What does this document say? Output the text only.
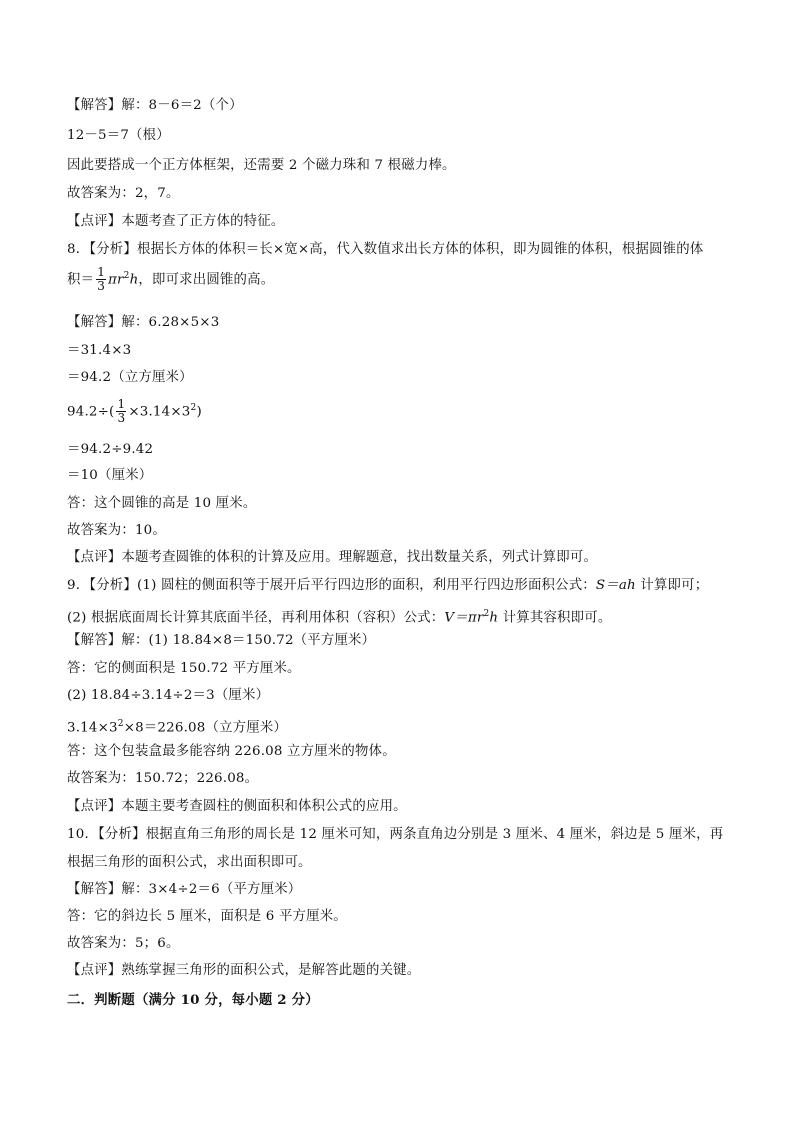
【解答】解：8－6＝2（个）
12－5＝7（根）
因此要搭成一个正方体框架，还需要 2 个磁力珠和 7 根磁力棒。
故答案为：2，7。
【点评】本题考查了正方体的特征。
8．【分析】根据长方体的体积＝长×宽×高，代入数值求出长方体的体积，即为圆锥的体积，根据圆锥的体
积＝ $\frac{1}{3} \pi r^2h$，即可求出圆锥的高。
【解答】解：6.28×5×3
＝31.4×3
＝94.2（立方厘米）
$94.2\div( \frac{1}{3} \times 3.14\times 3^2)$
＝94.2÷9.42
＝10（厘米）
答：这个圆锥的高是 10 厘米。
故答案为：10。
【点评】本题考查圆锥的体积的计算及应用。理解题意，找出数量关系，列式计算即可。
9．【分析】(1) 圆柱的侧面积等于展开后平行四边形的面积，利用平行四边形面积公式：S＝ah 计算即可；
(2) 根据底面周长计算其底面半径，再利用体积（容积）公式：$V=\pi r^2h$ 计算其容积即可。
【解答】解：(1) 18.84×8＝150.72（平方厘米）
答：它的侧面积是 150.72 平方厘米。
(2) 18.84÷3.14÷2＝3（厘米）
$3.14\times 3^2\times 8=226.08$（立方厘米）
答：这个包装盒最多能容纳 226.08 立方厘米的物体。
故答案为：150.72；226.08。
【点评】本题主要考查圆柱的侧面积和体积公式的应用。
10．【分析】根据直角三角形的周长是 12 厘米可知，两条直角边分别是 3 厘米、4 厘米，斜边是 5 厘米，再
根据三角形的面积公式，求出面积即可。
【解答】解：3×4÷2＝6（平方厘米）
答：它的斜边长 5 厘米，面积是 6 平方厘米。
故答案为：5；6。
【点评】熟练掌握三角形的面积公式，是解答此题的关键。
二．判断题（满分 10 分，每小题 2 分）
